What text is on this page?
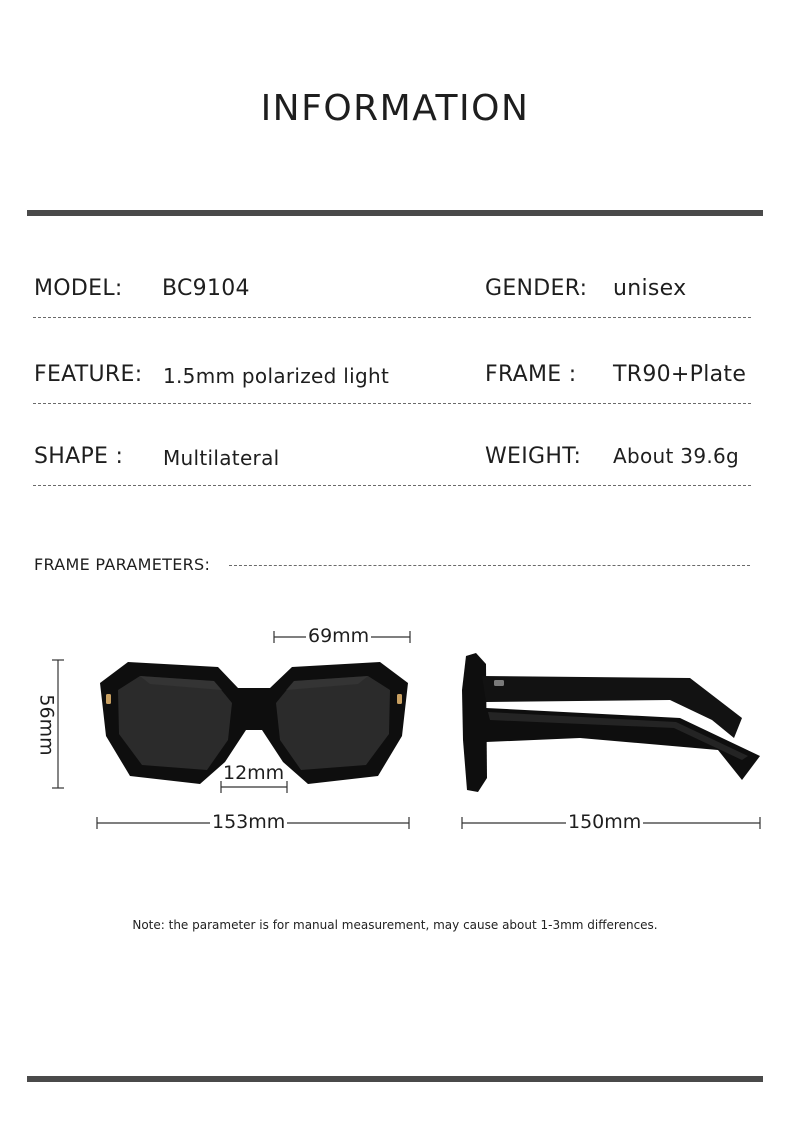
INFORMATION
MODEL: BC9104	GENDER: unisex
FEATURE: 1.5mm polarized light	FRAME : TR90+Plate
SHAPE : Multilateral	WEIGHT: About 39.6g
FRAME PARAMETERS:
69mm
56mm
12mm
153mm	150mm
Note: the parameter is for manual measurement, may cause about 1-3mm differences.
